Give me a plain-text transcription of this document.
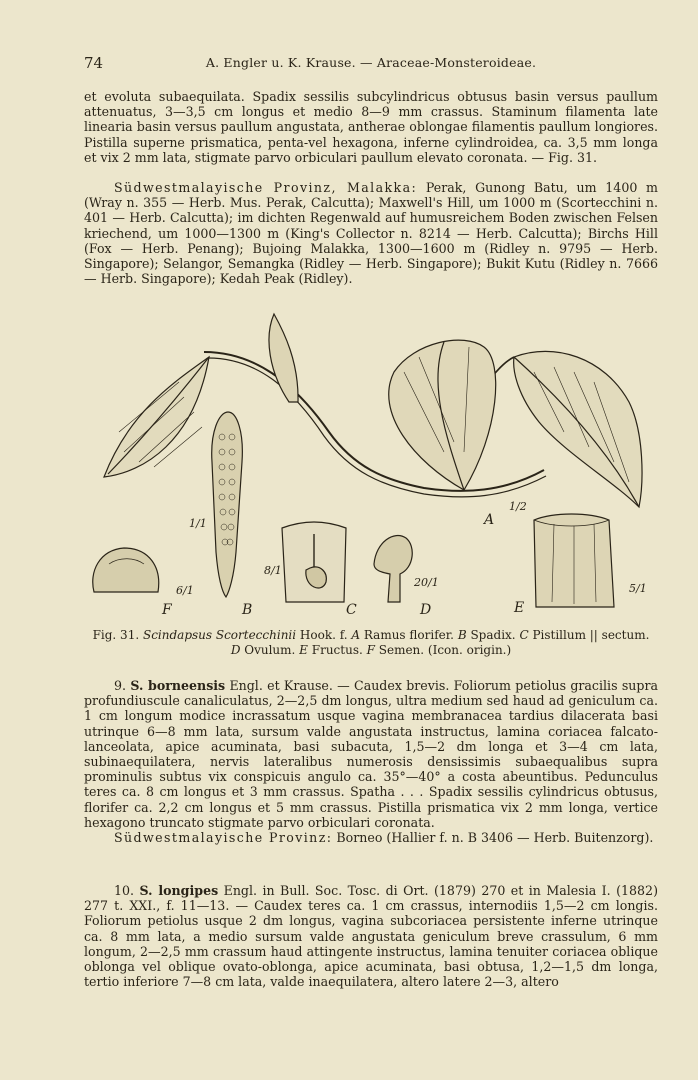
74	A. Engler u. K. Krause. — Araceae-Monsteroideae.

et evoluta subaequilata. Spadix sessilis subcylindricus obtusus basin versus paullum attenuatus, 3—3,5 cm longus et medio 8—9 mm crassus. Staminum filamenta late linearia basin versus paullum angustata, antherae oblongae filamentis paullum longiores. Pistilla superne prismatica, penta-vel hexagona, inferne cylindroidea, ca. 3,5 mm longa et vix 2 mm lata, stigmate parvo orbiculari paullum elevato coronata. — Fig. 31.

Südwestmalayische Provinz, Malakka: Perak, Gunong Batu, um 1400 m (Wray n. 355 — Herb. Mus. Perak, Calcutta); Maxwell's Hill, um 1000 m (Scortecchini n. 401 — Herb. Calcutta); im dichten Regenwald auf humusreichem Boden zwischen Felsen kriechend, um 1000—1300 m (King's Collector n. 8214 — Herb. Calcutta); Birchs Hill (Fox — Herb. Penang); Bujoing Malakka, 1300—1600 m (Ridley n. 9795 — Herb. Singapore); Selangor, Semangka (Ridley — Herb. Singapore); Bukit Kutu (Ridley n. 7666 — Herb. Singapore); Kedah Peak (Ridley).

A
1/2
B
1/1
C
8/1
D
20/1
E
5/1
F
6/1
Fig. 31. Scindapsus Scortecchinii Hook. f. A Ramus florifer. B Spadix. C Pistillum || sectum.
D Ovulum. E Fructus. F Semen. (Icon. origin.)

9. S. borneensis Engl. et Krause. — Caudex brevis. Foliorum petiolus gracilis supra profundiuscule canaliculatus, 2—2,5 dm longus, ultra medium sed haud ad geniculum ca. 1 cm longum modice incrassatum usque vagina membranacea tardius dilacerata basi utrinque 6—8 mm lata, sursum valde angustata instructus, lamina coriacea falcato-lanceolata, apice acuminata, basi subacuta, 1,5—2 dm longa et 3—4 cm lata, subinaequilatera, nervis lateralibus numerosis densissimis subaequalibus supra prominulis subtus vix conspicuis angulo ca. 35°—40° a costa abeuntibus. Pedunculus teres ca. 8 cm longus et 3 mm crassus. Spatha . . . Spadix sessilis cylindricus obtusus, florifer ca. 2,2 cm longus et 5 mm crassus. Pistilla prismatica vix 2 mm longa, vertice hexagono truncato stigmate parvo orbiculari coronata.

Südwestmalayische Provinz: Borneo (Hallier f. n. B 3406 — Herb. Buitenzorg).

10. S. longipes Engl. in Bull. Soc. Tosc. di Ort. (1879) 270 et in Malesia I. (1882) 277 t. XXI., f. 11—13. — Caudex teres ca. 1 cm crassus, internodiis 1,5—2 cm longis. Foliorum petiolus usque 2 dm longus, vagina subcoriacea persistente inferne utrinque ca. 8 mm lata, a medio sursum valde angustata geniculum breve crassulum, 6 mm longum, 2—2,5 mm crassum haud attingente instructus, lamina tenuiter coriacea oblique oblonga vel oblique ovato-oblonga, apice acuminata, basi obtusa, 1,2—1,5 dm longa, tertio inferiore 7—8 cm lata, valde inaequilatera, altero latere 2—3, altero
